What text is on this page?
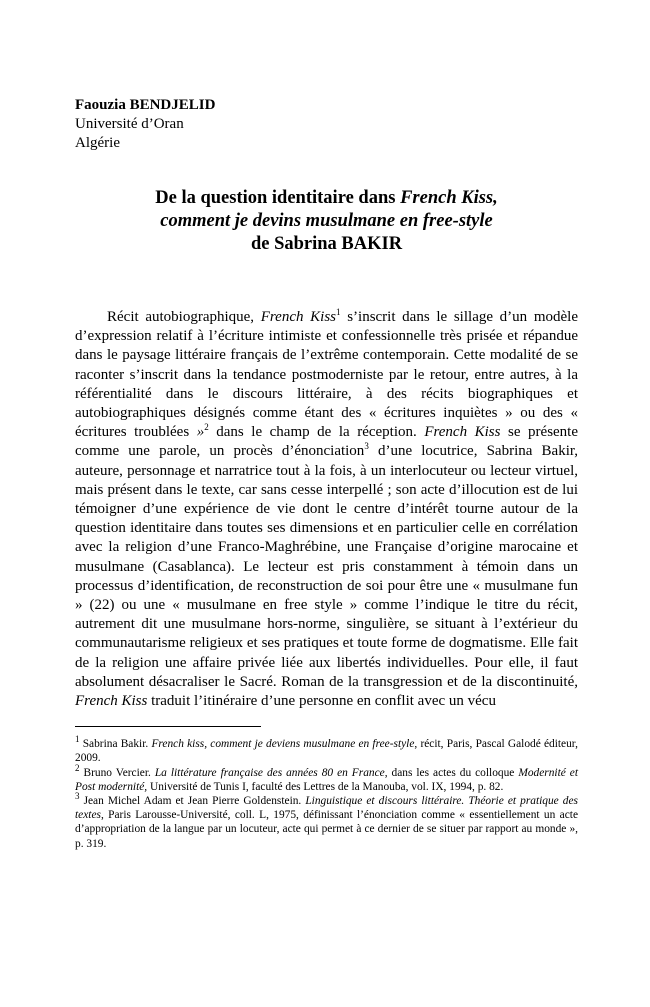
Faouzia BENDJELID
Université d’Oran
Algérie
De la question identitaire dans French Kiss,
comment je devins musulmane en free-style
de Sabrina BAKIR

Récit autobiographique, French Kiss$^1$ s’inscrit dans le sillage d’un modèle d’expression relatif à l’écriture intimiste et confessionnelle très prisée et répandue dans le paysage littéraire français de l’extrême contemporain. Cette modalité de se raconter s’inscrit dans la tendance postmoderniste par le retour, entre autres, à la référentialité dans le discours littéraire, à des récits biographiques et autobiographiques désignés comme étant des « écritures inquiètes » ou des « écritures troublées »$^2$ dans le champ de la réception. French Kiss se présente comme une parole, un procès d’énonciation$^3$ d’une locutrice, Sabrina Bakir, auteure, personnage et narratrice tout à la fois, à un interlocuteur ou lecteur virtuel, mais présent dans le texte, car sans cesse interpellé ; son acte d’illocution est de lui témoigner d’une expérience de vie dont le centre d’intérêt tourne autour de la question identitaire dans toutes ses dimensions et en particulier celle en corrélation avec la religion d’une Franco-Maghrébine, une Française d’origine marocaine et musulmane (Casablanca). Le lecteur est pris constamment à témoin dans un processus d’identification, de reconstruction de soi pour être une « musulmane fun » (22) ou une « musulmane en free style » comme l’indique le titre du récit, autrement dit une musulmane hors-norme, singulière, se situant à l’extérieur du communautarisme religieux et ses pratiques et toute forme de dogmatisme. Elle fait de la religion une affaire privée liée aux libertés individuelles. Pour elle, il faut absolument désacraliser le Sacré. Roman de la transgression et de la discontinuité, French Kiss traduit l’itinéraire d’une personne en conflit avec un vécu

$^1$ Sabrina Bakir. French kiss, comment je deviens musulmane en free-style, récit, Paris, Pascal Galodé éditeur, 2009.
$^2$ Bruno Vercier. La littérature française des années 80 en France, dans les actes du colloque Modernité et Post modernité, Université de Tunis I, faculté des Lettres de la Manouba, vol. IX, 1994, p. 82.
$^3$ Jean Michel Adam et Jean Pierre Goldenstein. Linguistique et discours littéraire. Théorie et pratique des textes, Paris Larousse-Université, coll. L, 1975, définissant l’énonciation comme « essentiellement un acte d’appropriation de la langue par un locuteur, acte qui permet à ce dernier de se situer par rapport au monde », p. 319.
